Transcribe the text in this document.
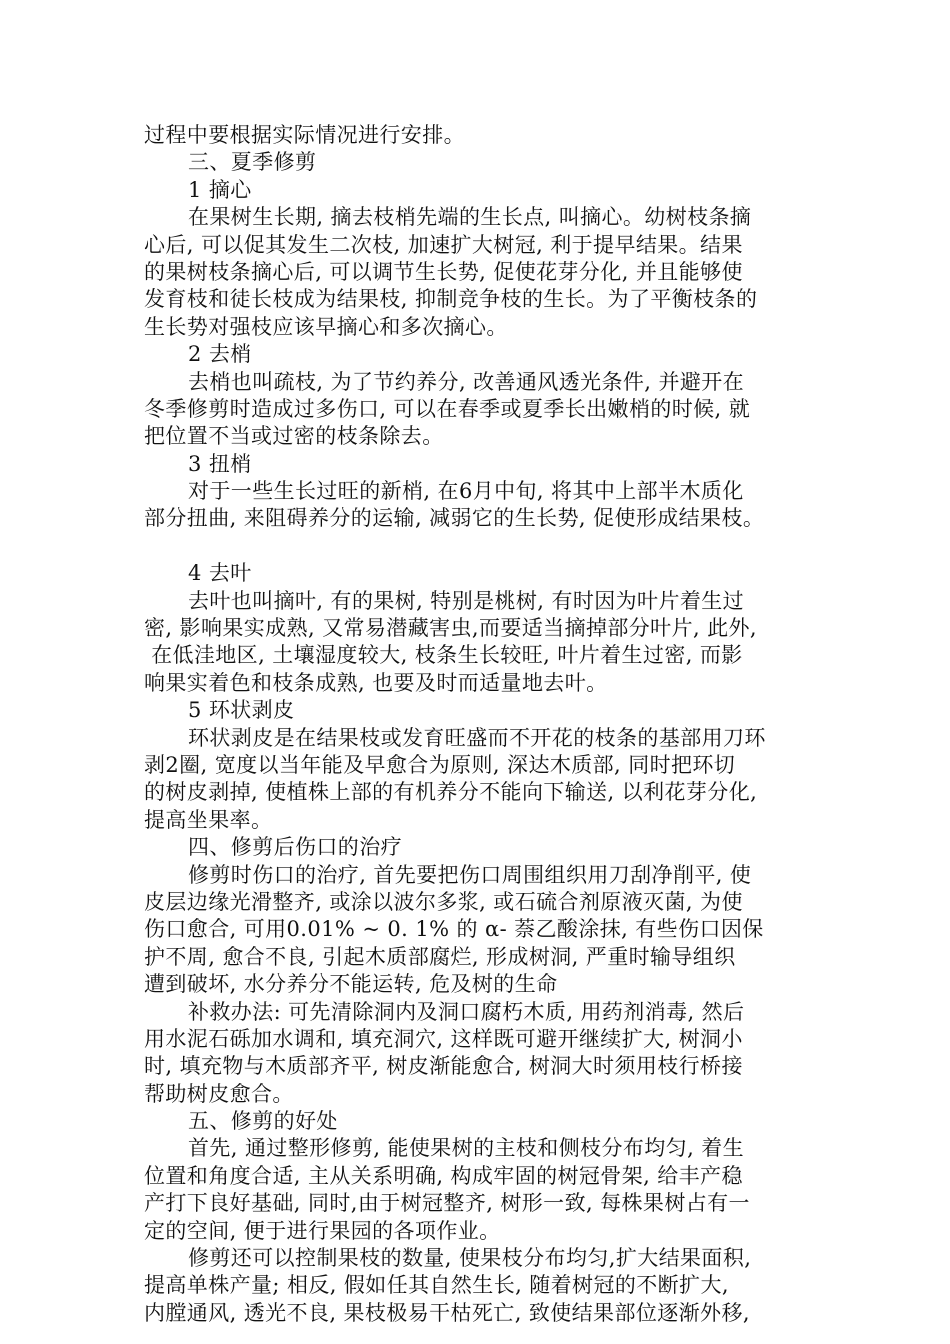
过程中要根据实际情况进行安排。
三、夏季修剪
1 摘心
在果树生长期, 摘去枝梢先端的生长点, 叫摘心。幼树枝条摘
心后, 可以促其发生二次枝, 加速扩大树冠, 利于提早结果。结果
的果树枝条摘心后, 可以调节生长势, 促使花芽分化, 并且能够使
发育枝和徒长枝成为结果枝, 抑制竞争枝的生长。为了平衡枝条的
生长势对强枝应该早摘心和多次摘心。
2 去梢
去梢也叫疏枝, 为了节约养分, 改善通风透光条件, 并避开在
冬季修剪时造成过多伤口, 可以在春季或夏季长出嫩梢的时候, 就
把位置不当或过密的枝条除去。
3 扭梢
对于一些生长过旺的新梢, 在6月中旬, 将其中上部半木质化
部分扭曲, 来阻碍养分的运输, 减弱它的生长势, 促使形成结果枝。
4 去叶
去叶也叫摘叶, 有的果树, 特别是桃树, 有时因为叶片着生过
密, 影响果实成熟, 又常易潜藏害虫,而要适当摘掉部分叶片, 此外,
在低洼地区, 土壤湿度较大, 枝条生长较旺, 叶片着生过密, 而影
响果实着色和枝条成熟, 也要及时而适量地去叶。
5 环状剥皮
环状剥皮是在结果枝或发育旺盛而不开花的枝条的基部用刀环
剥2圈, 宽度以当年能及早愈合为原则, 深达木质部, 同时把环切
的树皮剥掉, 使植株上部的有机养分不能向下输送, 以利花芽分化,
提高坐果率。
四、修剪后伤口的治疗
修剪时伤口的治疗, 首先要把伤口周围组织用刀刮净削平, 使
皮层边缘光滑整齐, 或涂以波尔多浆, 或石硫合剂原液灭菌, 为使
伤口愈合, 可用0.01% ~ 0. 1% 的 α- 萘乙酸涂抹, 有些伤口因保
护不周, 愈合不良, 引起木质部腐烂, 形成树洞, 严重时输导组织
遭到破坏, 水分养分不能运转, 危及树的生命
补救办法: 可先清除洞内及洞口腐朽木质, 用药剂消毒, 然后
用水泥石砾加水调和, 填充洞穴, 这样既可避开继续扩大, 树洞小
时, 填充物与木质部齐平, 树皮渐能愈合, 树洞大时须用枝行桥接
帮助树皮愈合。
五、修剪的好处
首先, 通过整形修剪, 能使果树的主枝和侧枝分布均匀, 着生
位置和角度合适, 主从关系明确, 构成牢固的树冠骨架, 给丰产稳
产打下良好基础, 同时,由于树冠整齐, 树形一致, 每株果树占有一
定的空间, 便于进行果园的各项作业。
修剪还可以控制果枝的数量, 使果枝分布均匀,扩大结果面积,
提高单株产量; 相反, 假如任其自然生长, 随着树冠的不断扩大,
内膛通风, 透光不良, 果枝极易干枯死亡, 致使结果部位逐渐外移,
